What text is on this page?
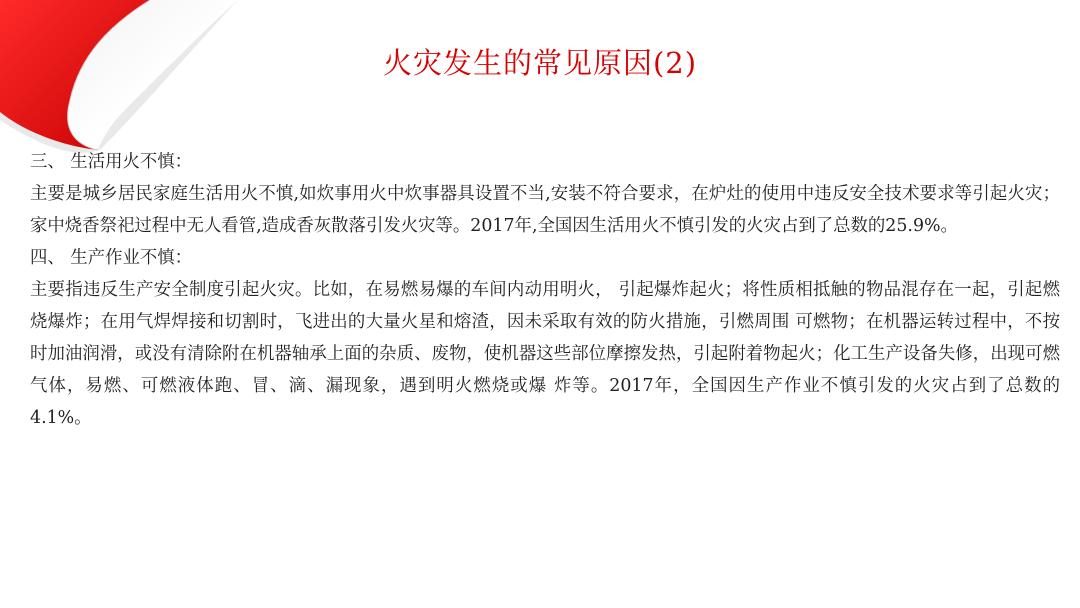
火灾发生的常见原因(2)

三、 生活用火不慎：

主要是城乡居民家庭生活用火不慎,如炊事用火中炊事器具设置不当,安装不符合要求，在炉灶的使用中违反安全技术要求等引起火灾；家中烧香祭祀过程中无人看管,造成香灰散落引发火灾等。2017年,全国因生活用火不慎引发的火灾占到了总数的25.9%。

四、 生产作业不慎：

主要指违反生产安全制度引起火灾。比如，在易燃易爆的车间内动用明火， 引起爆炸起火；将性质相抵触的物品混存在一起，引起燃烧爆炸；在用气焊焊接和切割时，飞进出的大量火星和熔渣，因未采取有效的防火措施，引燃周围 可燃物；在机器运转过程中，不按时加油润滑，或没有清除附在机器轴承上面的杂质、废物，使机器这些部位摩擦发热，引起附着物起火；化工生产设备失修，出现可燃气体，易燃、可燃液体跑、冒、滴、漏现象，遇到明火燃烧或爆 炸等。2017年，全国因生产作业不慎引发的火灾占到了总数的4.1%。
